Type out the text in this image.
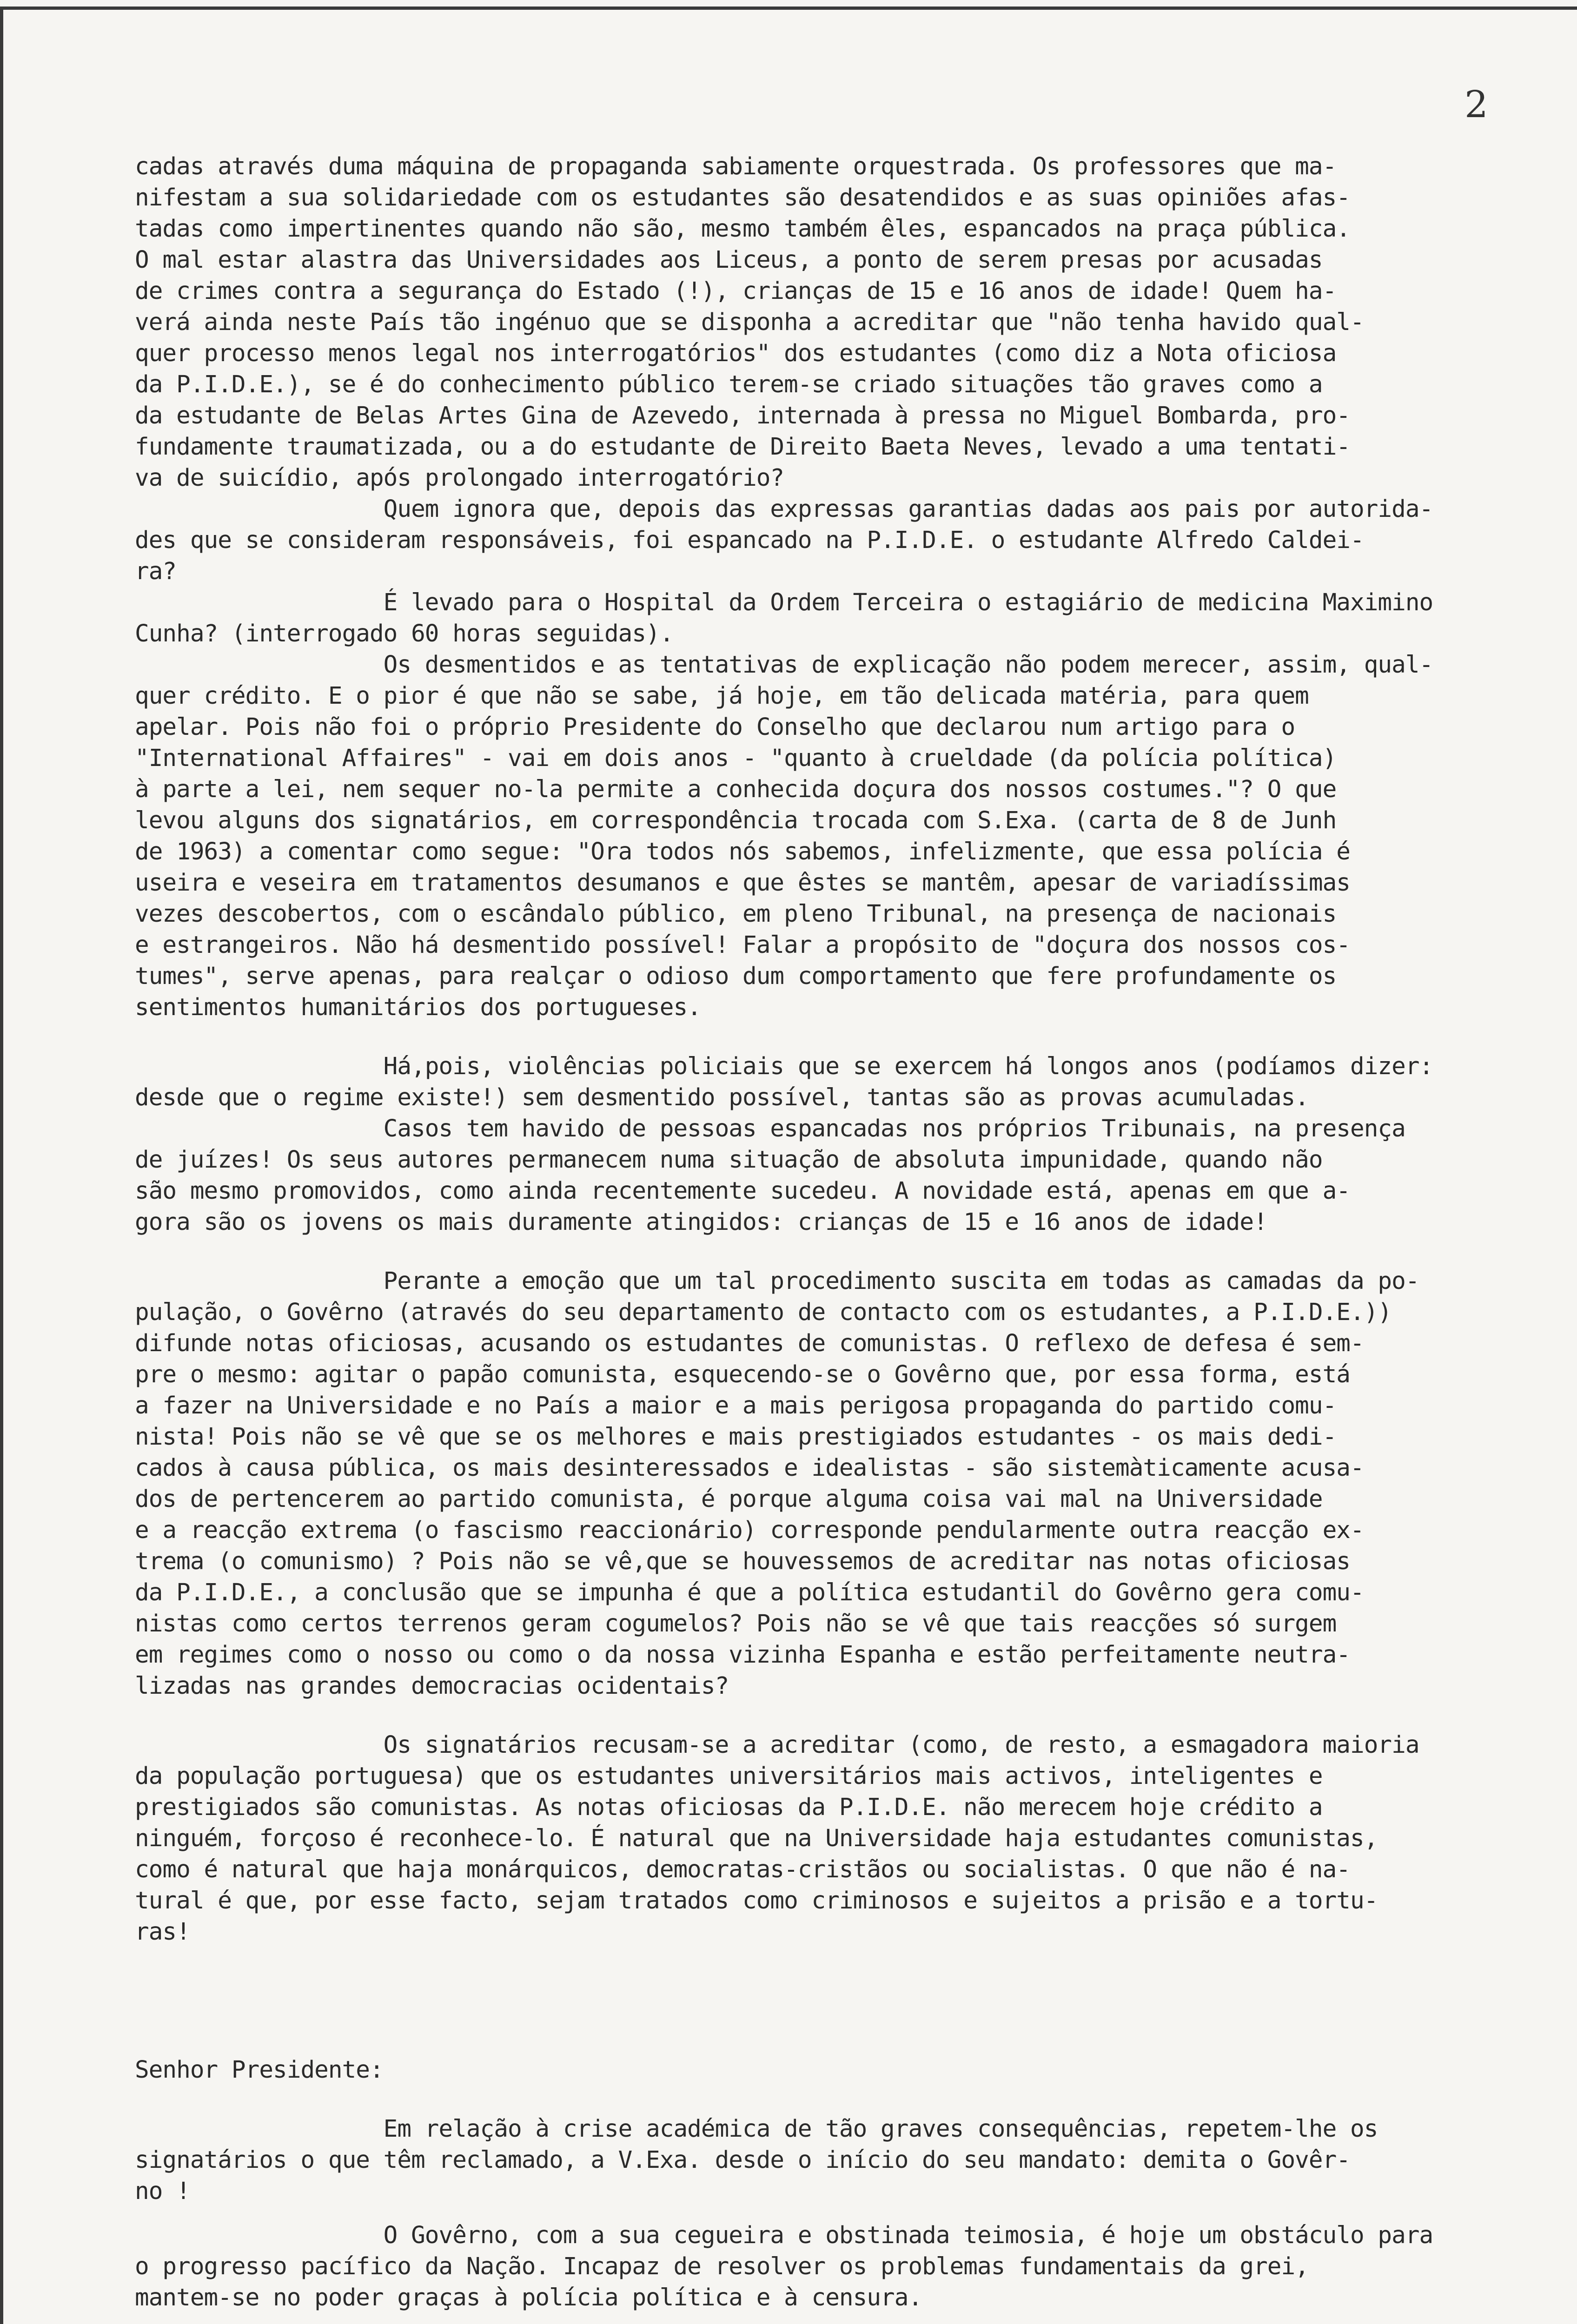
2
cadas através duma máquina de propaganda sabiamente orquestrada. Os professores que ma-
nifestam a sua solidariedade com os estudantes são desatendidos e as suas opiniões afas-
tadas como impertinentes quando não são, mesmo também êles, espancados na praça pública.
O mal estar alastra das Universidades aos Liceus, a ponto de serem presas por acusadas
de crimes contra a segurança do Estado (!), crianças de 15 e 16 anos de idade! Quem ha-
verá ainda neste País tão ingénuo que se disponha a acreditar que "não tenha havido qual-
quer processo menos legal nos interrogatórios" dos estudantes (como diz a Nota oficiosa
da P.I.D.E.), se é do conhecimento público terem-se criado situações tão graves como a
da estudante de Belas Artes Gina de Azevedo, internada à pressa no Miguel Bombarda, pro-
fundamente traumatizada, ou a do estudante de Direito Baeta Neves, levado a uma tentati-
va de suicídio, após prolongado interrogatório?
Quem ignora que, depois das expressas garantias dadas aos pais por autorida-
des que se consideram responsáveis, foi espancado na P.I.D.E. o estudante Alfredo Caldei-
ra?
É levado para o Hospital da Ordem Terceira o estagiário de medicina Maximino
Cunha? (interrogado 60 horas seguidas).
Os desmentidos e as tentativas de explicação não podem merecer, assim, qual-
quer crédito. E o pior é que não se sabe, já hoje, em tão delicada matéria, para quem
apelar. Pois não foi o próprio Presidente do Conselho que declarou num artigo para o
"International Affaires" - vai em dois anos - "quanto à crueldade (da polícia política)
à parte a lei, nem sequer no-la permite a conhecida doçura dos nossos costumes."? O que
levou alguns dos signatários, em correspondência trocada com S.Exa. (carta de 8 de Junh
de 1963) a comentar como segue: "Ora todos nós sabemos, infelizmente, que essa polícia é
useira e veseira em tratamentos desumanos e que êstes se mantêm, apesar de variadíssimas
vezes descobertos, com o escândalo público, em pleno Tribunal, na presença de nacionais
e estrangeiros. Não há desmentido possível! Falar a propósito de "doçura dos nossos cos-
tumes", serve apenas, para realçar o odioso dum comportamento que fere profundamente os
sentimentos humanitários dos portugueses.
Há,pois, violências policiais que se exercem há longos anos (podíamos dizer:
desde que o regime existe!) sem desmentido possível, tantas são as provas acumuladas.
Casos tem havido de pessoas espancadas nos próprios Tribunais, na presença
de juízes! Os seus autores permanecem numa situação de absoluta impunidade, quando não
são mesmo promovidos, como ainda recentemente sucedeu. A novidade está, apenas em que a-
gora são os jovens os mais duramente atingidos: crianças de 15 e 16 anos de idade!
Perante a emoção que um tal procedimento suscita em todas as camadas da po-
pulação, o Govêrno (através do seu departamento de contacto com os estudantes, a P.I.D.E.))
difunde notas oficiosas, acusando os estudantes de comunistas. O reflexo de defesa é sem-
pre o mesmo: agitar o papão comunista, esquecendo-se o Govêrno que, por essa forma, está
a fazer na Universidade e no País a maior e a mais perigosa propaganda do partido comu-
nista! Pois não se vê que se os melhores e mais prestigiados estudantes - os mais dedi-
cados à causa pública, os mais desinteressados e idealistas - são sistemàticamente acusa-
dos de pertencerem ao partido comunista, é porque alguma coisa vai mal na Universidade
e a reacção extrema (o fascismo reaccionário) corresponde pendularmente outra reacção ex-
trema (o comunismo) ? Pois não se vê,que se houvessemos de acreditar nas notas oficiosas
da P.I.D.E., a conclusão que se impunha é que a política estudantil do Govêrno gera comu-
nistas como certos terrenos geram cogumelos? Pois não se vê que tais reacções só surgem
em regimes como o nosso ou como o da nossa vizinha Espanha e estão perfeitamente neutra-
lizadas nas grandes democracias ocidentais?
Os signatários recusam-se a acreditar (como, de resto, a esmagadora maioria
da população portuguesa) que os estudantes universitários mais activos, inteligentes e
prestigiados são comunistas. As notas oficiosas da P.I.D.E. não merecem hoje crédito a
ninguém, forçoso é reconhece-lo. É natural que na Universidade haja estudantes comunistas,
como é natural que haja monárquicos, democratas-cristãos ou socialistas. O que não é na-
tural é que, por esse facto, sejam tratados como criminosos e sujeitos a prisão e a tortu-
ras!
Senhor Presidente:
Em relação à crise académica de tão graves consequências, repetem-lhe os
signatários o que têm reclamado, a V.Exa. desde o início do seu mandato: demita o Govêr-
no !
O Govêrno, com a sua cegueira e obstinada teimosia, é hoje um obstáculo para
o progresso pacífico da Nação. Incapaz de resolver os problemas fundamentais da grei,
mantem-se no poder graças à polícia política e à censura.
